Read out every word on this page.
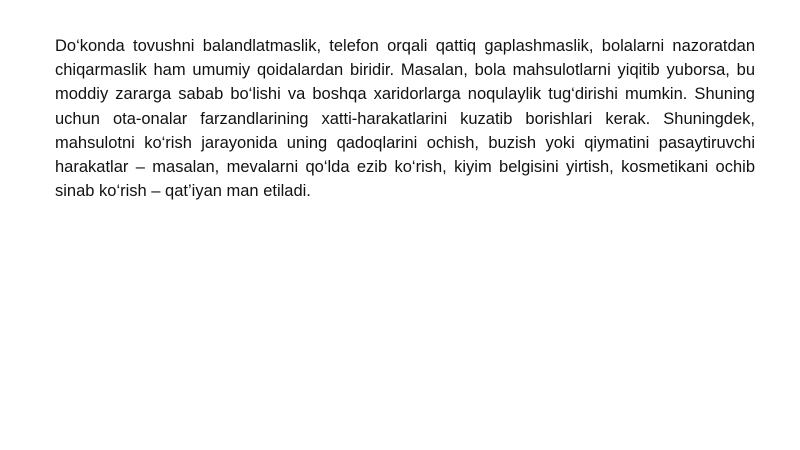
Do‘konda tovushni balandlatmaslik, telefon orqali qattiq gaplashmaslik, bolalarni nazoratdan chiqarmaslik ham umumiy qoidalardan biridir. Masalan, bola mahsulotlarni yiqitib yuborsa, bu moddiy zararga sabab bo‘lishi va boshqa xaridorlarga noqulaylik tug‘dirishi mumkin. Shuning uchun ota-onalar farzandlarining xatti-harakatlarini kuzatib borishlari kerak. Shuningdek, mahsulotni ko‘rish jarayonida uning qadoqlarini ochish, buzish yoki qiymatini pasaytiruvchi harakatlar – masalan, mevalarni qo‘lda ezib ko‘rish, kiyim belgisini yirtish, kosmetikani ochib sinab ko‘rish – qat’iyan man etiladi.
